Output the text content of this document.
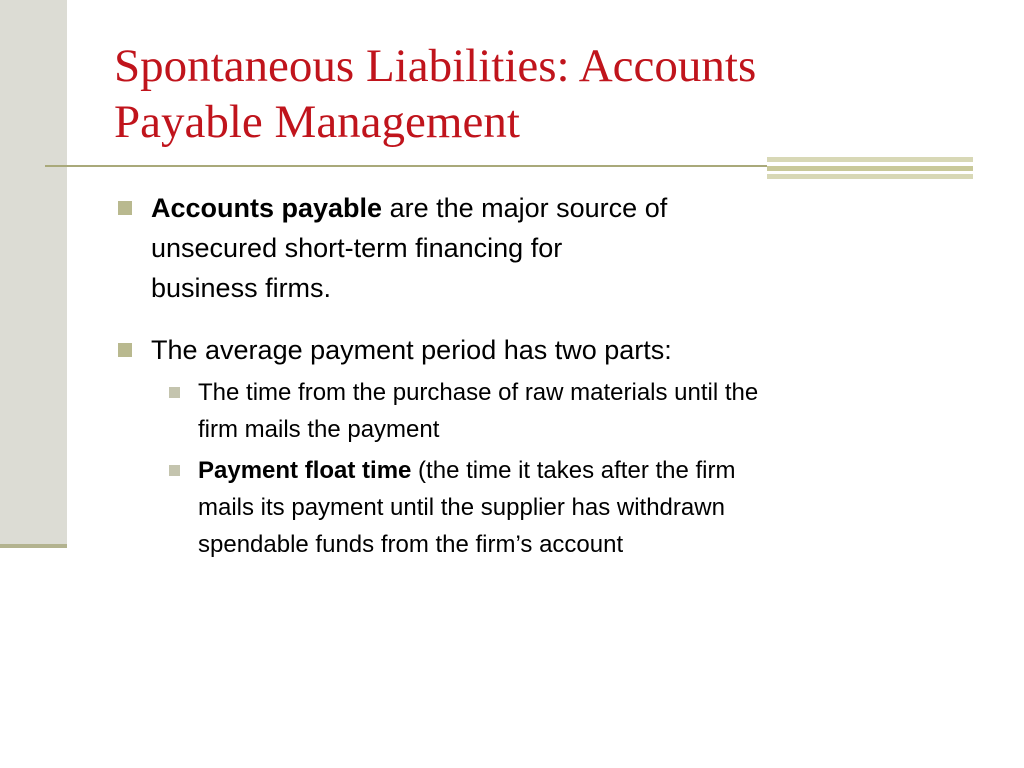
Spontaneous Liabilities: Accounts
Payable Management
Accounts payable are the major source of
unsecured short-term financing for
business firms.
The average payment period has two parts:
The time from the purchase of raw materials until the
firm mails the payment
Payment float time (the time it takes after the firm
mails its payment until the supplier has withdrawn
spendable funds from the firm’s account
